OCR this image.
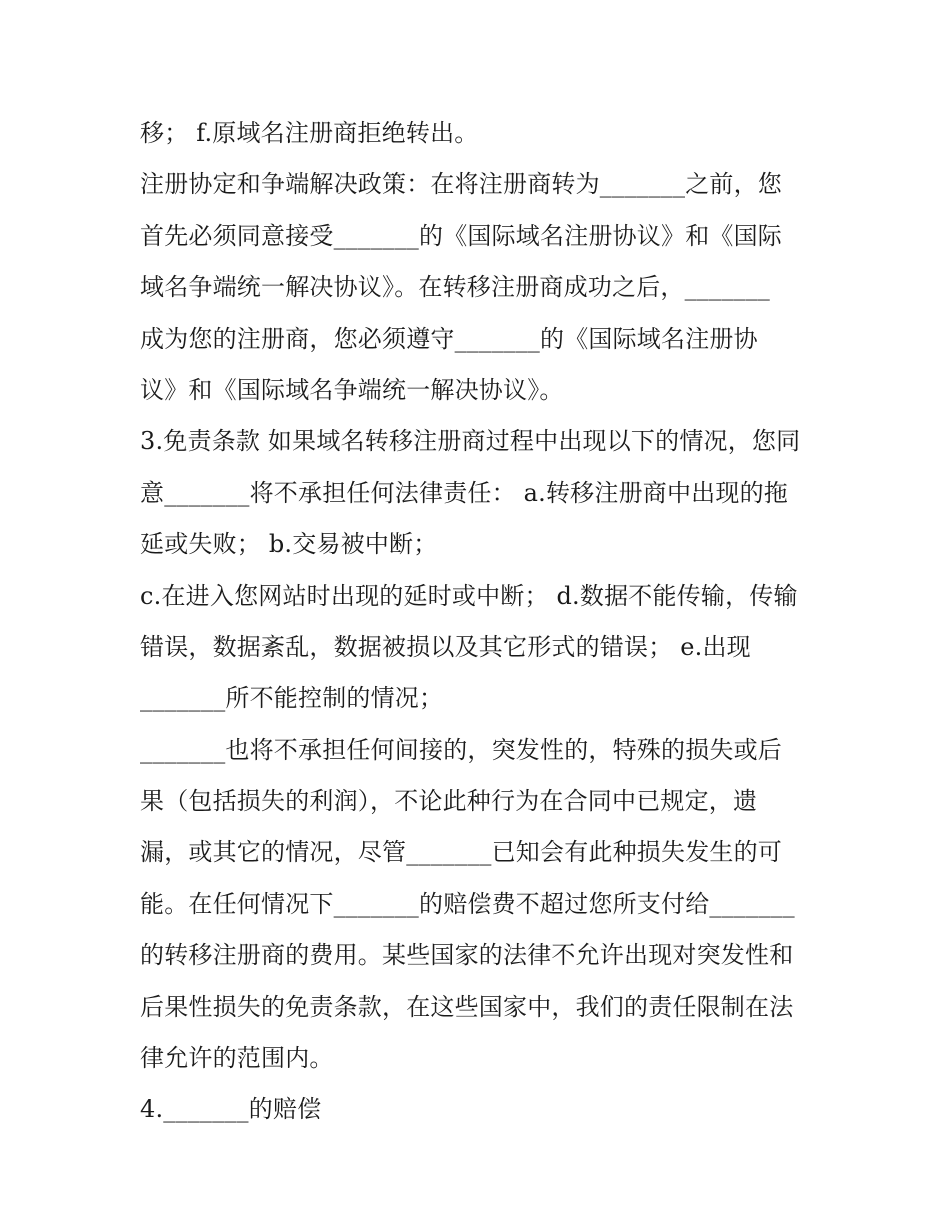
移； f.原域名注册商拒绝转出。
注册协定和争端解决政策：在将注册商转为_______之前，您
首先必须同意接受_______的《国际域名注册协议》和《国际
域名争端统一解决协议》。在转移注册商成功之后，_______
成为您的注册商，您必须遵守_______的《国际域名注册协
议》和《国际域名争端统一解决协议》。
3.免责条款 如果域名转移注册商过程中出现以下的情况，您同
意_______将不承担任何法律责任： a.转移注册商中出现的拖
延或失败； b.交易被中断；
c.在进入您网站时出现的延时或中断； d.数据不能传输，传输
错误，数据紊乱，数据被损以及其它形式的错误； e.出现
_______所不能控制的情况；
_______也将不承担任何间接的，突发性的，特殊的损失或后
果（包括损失的利润），不论此种行为在合同中已规定，遗
漏，或其它的情况，尽管_______已知会有此种损失发生的可
能。在任何情况下_______的赔偿费不超过您所支付给_______
的转移注册商的费用。某些国家的法律不允许出现对突发性和
后果性损失的免责条款，在这些国家中，我们的责任限制在法
律允许的范围内。
4._______的赔偿
